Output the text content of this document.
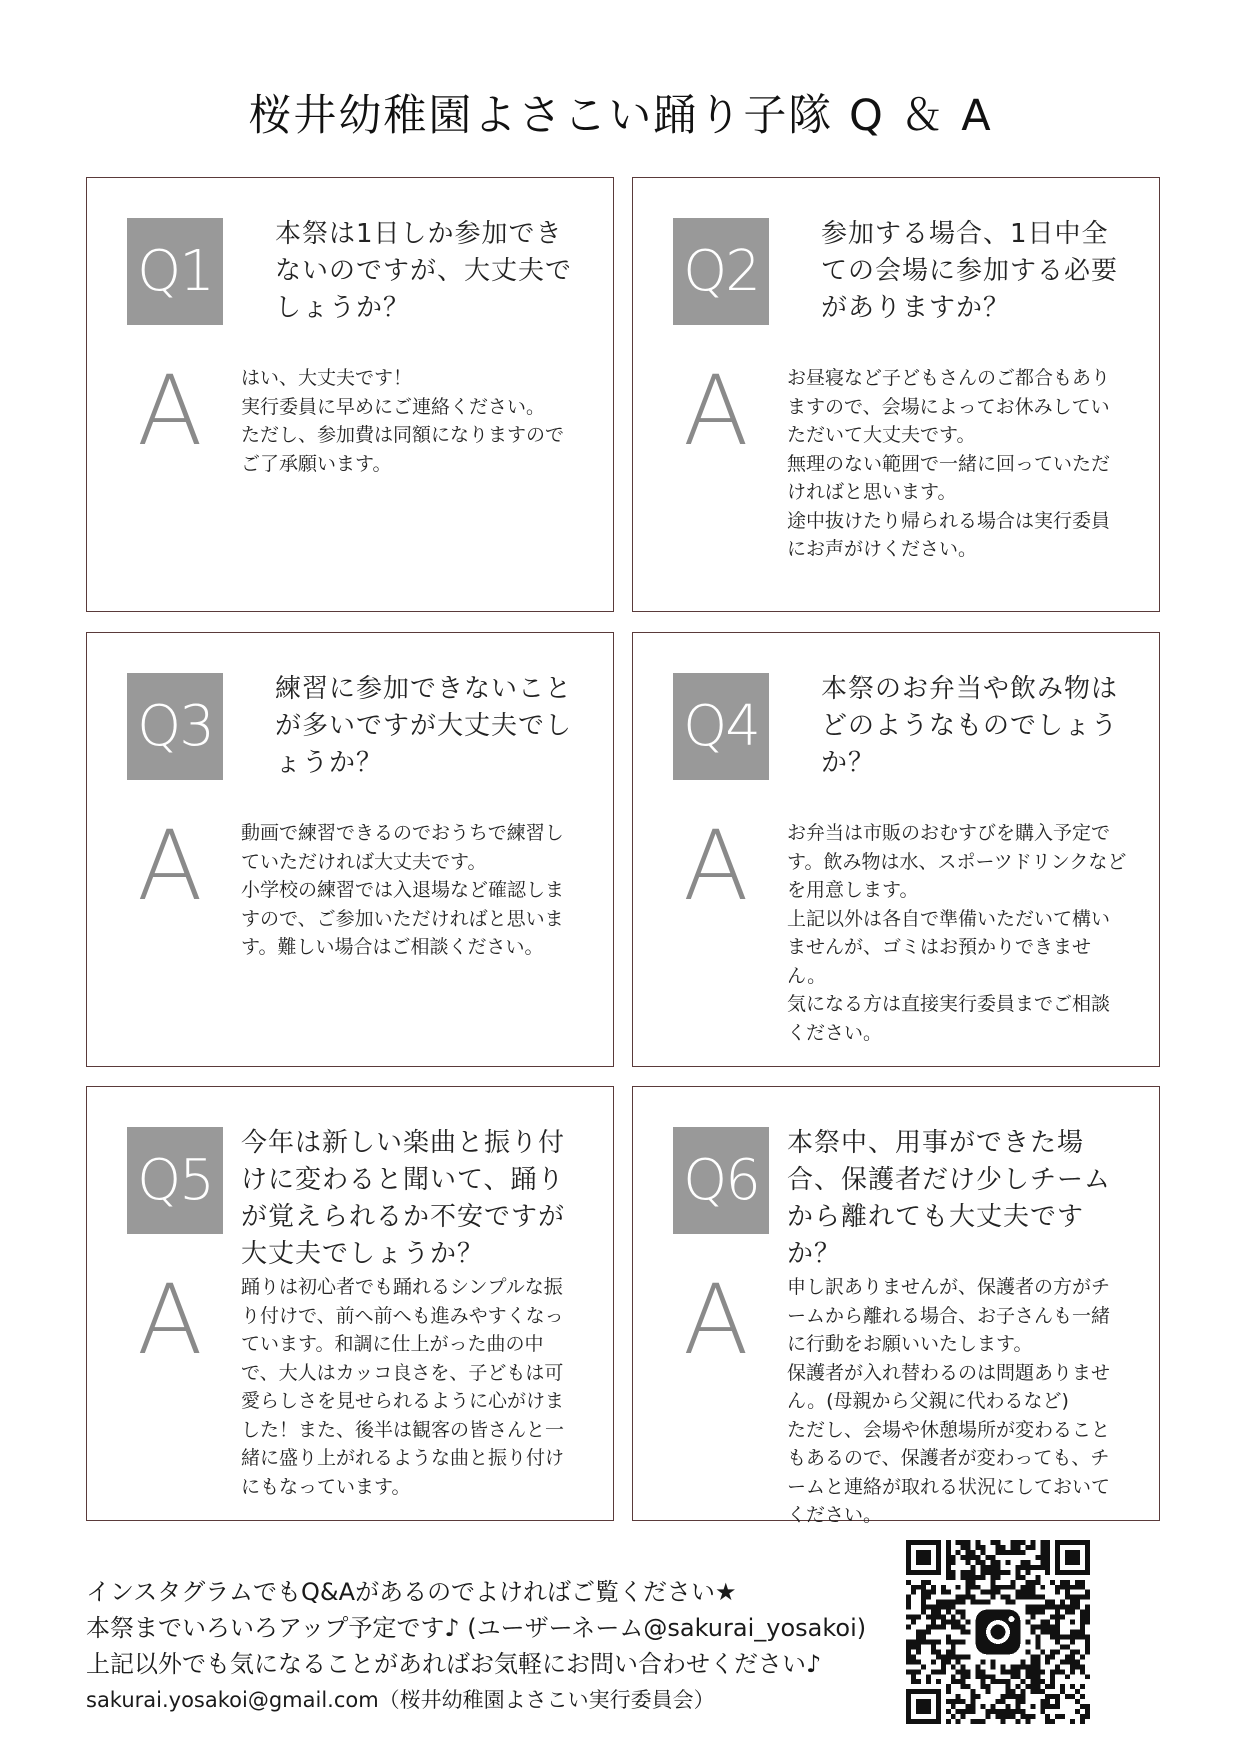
桜井幼稚園よさこい踊り子隊 Q ＆ A
Q1
本祭は1日しか参加できないのですが、大丈夫でしょうか？
A はい、大丈夫です！
実行委員に早めにご連絡ください。
ただし、参加費は同額になりますのでご了承願います。
Q2
参加する場合、1日中全ての会場に参加する必要がありますか？
A お昼寝など子どもさんのご都合もありますので、会場によってお休みしていただいて大丈夫です。
無理のない範囲で一緒に回っていただければと思います。
途中抜けたり帰られる場合は実行委員にお声がけください。
Q3
練習に参加できないことが多いですが大丈夫でしょうか？
A 動画で練習できるのでおうちで練習していただければ大丈夫です。
小学校の練習では入退場など確認しますので、ご参加いただければと思います。難しい場合はご相談ください。
Q4
本祭のお弁当や飲み物はどのようなものでしょうか？
A お弁当は市販のおむすびを購入予定です。飲み物は水、スポーツドリンクなどを用意します。
上記以外は各自で準備いただいて構いませんが、ゴミはお預かりできません。
気になる方は直接実行委員までご相談ください。
Q5
今年は新しい楽曲と振り付けに変わると聞いて、踊りが覚えられるか不安ですが大丈夫でしょうか？
A 踊りは初心者でも踊れるシンプルな振り付けで、前へ前へも進みやすくなっています。和調に仕上がった曲の中で、大人はカッコ良さを、子どもは可愛らしさを見せられるように心がけました！また、後半は観客の皆さんと一緒に盛り上がれるような曲と振り付けにもなっています。
Q6
本祭中、用事ができた場合、保護者だけ少しチームから離れても大丈夫ですか？
A 申し訳ありませんが、保護者の方がチームから離れる場合、お子さんも一緒に行動をお願いいたします。
保護者が入れ替わるのは問題ありません。(母親から父親に代わるなど)
ただし、会場や休憩場所が変わることもあるので、保護者が変わっても、チームと連絡が取れる状況にしておいてください。
インスタグラムでもQ&Aがあるのでよければご覧ください★
本祭までいろいろアップ予定です♪ (ユーザーネーム@sakurai_yosakoi)
上記以外でも気になることがあればお気軽にお問い合わせください♪
sakurai.yosakoi@gmail.com（桜井幼稚園よさこい実行委員会）
